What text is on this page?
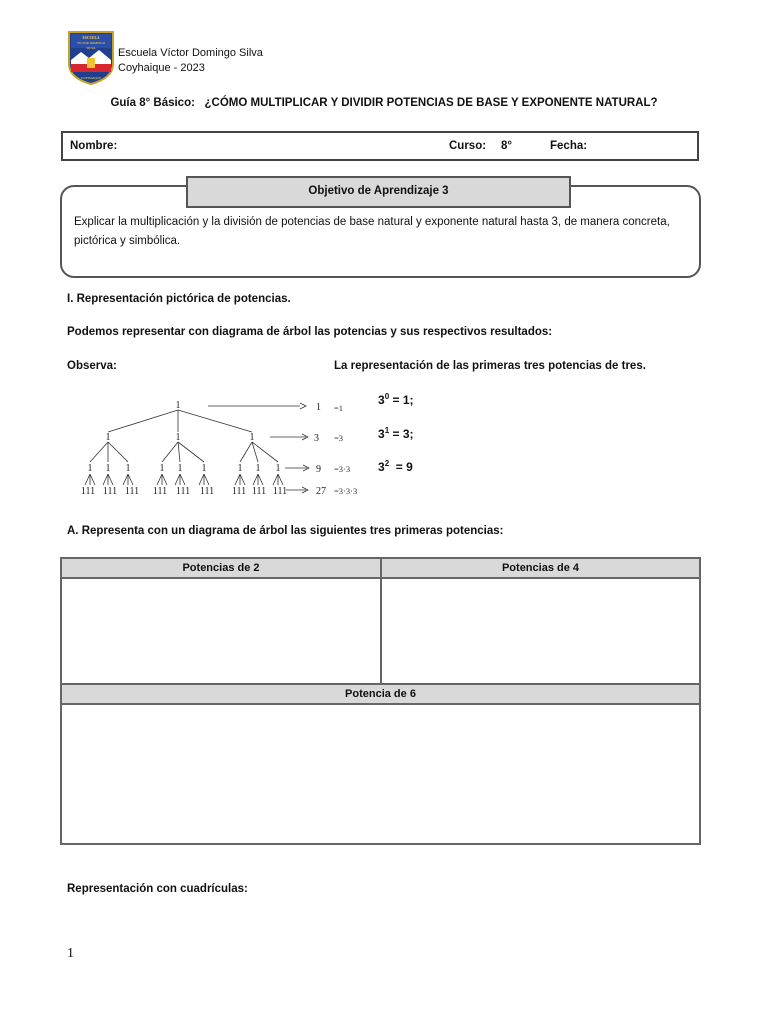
ESCUELA
VICTOR DOMINGO
SILVA
COYHAIQUE
Escuela Víctor Domingo Silva
Coyhaique - 2023
Guía 8° Básico: ¿CÓMO MULTIPLICAR Y DIVIDIR POTENCIAS DE BASE Y EXPONENTE NATURAL?
Nombre:	Curso: 8°	Fecha:
Objetivo de Aprendizaje 3
Explicar la multiplicación y la división de potencias de base natural y exponente natural hasta 3, de manera concreta, pictórica y simbólica.
I. Representación pictórica de potencias.
Podemos representar con diagrama de árbol las potencias y sus respectivos resultados:
Observa:	La representación de las primeras tres potencias de tres.
1
1	1	1
1 1 1	1 1 1	1 1 1
111 111 111 111 111 111 111 111 111
1
3
9
27
=1
=3
=3·3
=3·3·3
$3^0 = 1$;
$3^1 = 3$;
$3^2 = 9$
A. Representa con un diagrama de árbol las siguientes tres primeras potencias:
Potencias de 2	Potencias de 4

Potencia de 6	

Representación con cuadrículas:
1
